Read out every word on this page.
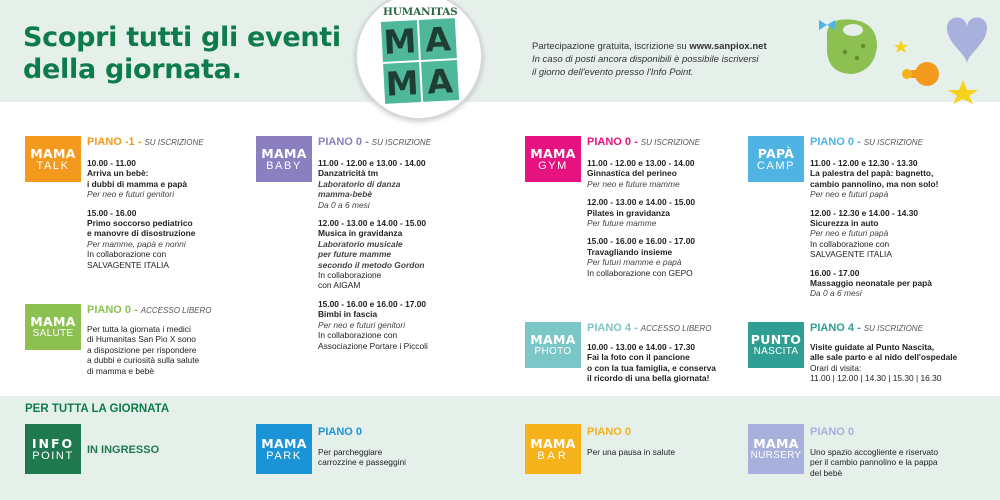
Scopri tutti gli eventi
della giornata.
HUMANITAS
M A
M A
Partecipazione gratuita, iscrizione su www.sanpiox.net
In caso di posti ancora disponibili è possibile iscriversi
il giorno dell'evento presso l'Info Point.
MAMA
TALK
PIANO -1 - SU ISCRIZIONE
10.00 - 11.00
Arriva un bebè:
i dubbi di mamma e papà
Per neo e futuri genitori
15.00 - 16.00
Primo soccorso pediatrico
e manovre di disostruzione
Per mamme, papà e nonni
In collaborazione con
SALVAGENTE ITALIA
MAMA
SALUTE
PIANO 0 - ACCESSO LIBERO
Per tutta la giornata i medici
di Humanitas San Pio X sono
a disposizione per rispondere
a dubbi e curiosità sulla salute
di mamma e bebè
MAMA
BABY
PIANO 0 - SU ISCRIZIONE
11.00 - 12.00 e 13.00 - 14.00
Danzatricità tm
Laboratorio di danza
mamma-bebè
Da 0 a 6 mesi
12.00 - 13.00 e 14.00 - 15.00
Musica in gravidanza
Laboratorio musicale
per future mamme
secondo il metodo Gordon
In collaborazione
con AIGAM
15.00 - 16.00 e 16.00 - 17.00
Bimbi in fascia
Per neo e futuri genitori
In collaborazione con
Associazione Portare i Piccoli
MAMA
GYM
PIANO 0 - SU ISCRIZIONE
11.00 - 12.00 e 13.00 - 14.00
Ginnastica del perineo
Per neo e future mamme
12.00 - 13.00 e 14.00 - 15.00
Pilates in gravidanza
Per future mamme
15.00 - 16.00 e 16.00 - 17.00
Travagliando insieme
Per futuri mamme e papà
In collaborazione con GEPO
MAMA
PHOTO
PIANO 4 - ACCESSO LIBERO
10.00 - 13.00 e 14.00 - 17.30
Fai la foto con il pancione
o con la tua famiglia, e conserva
il ricordo di una bella giornata!
PAPÀ
CAMP
PIANO 0 - SU ISCRIZIONE
11.00 - 12.00 e 12.30 - 13.30
La palestra del papà: bagnetto,
cambio pannolino, ma non solo!
Per neo e futuri papà
12.00 - 12.30 e 14.00 - 14.30
Sicurezza in auto
Per neo e futuri papà
In collaborazione con
SALVAGENTE ITALIA
16.00 - 17.00
Massaggio neonatale per papà
Da 0 a 6 mesi
PUNTO
NASCITA
PIANO 4 - SU ISCRIZIONE
Visite guidate al Punto Nascita,
alle sale parto e al nido dell'ospedale
Orari di visita:
11.00 | 12.00 | 14.30 | 15.30 | 16.30
PER TUTTA LA GIORNATA
INFO
POINT	IN INGRESSO	MAMA
PARK
PIANO 0
Per parcheggiare
carrozzine e passeggini
MAMA
BAR
PIANO 0
Per una pausa in salute
MAMA
NURSERY
PIANO 0
Uno spazio accogliente e riservato
per il cambio pannolino e la pappa
del bebè
